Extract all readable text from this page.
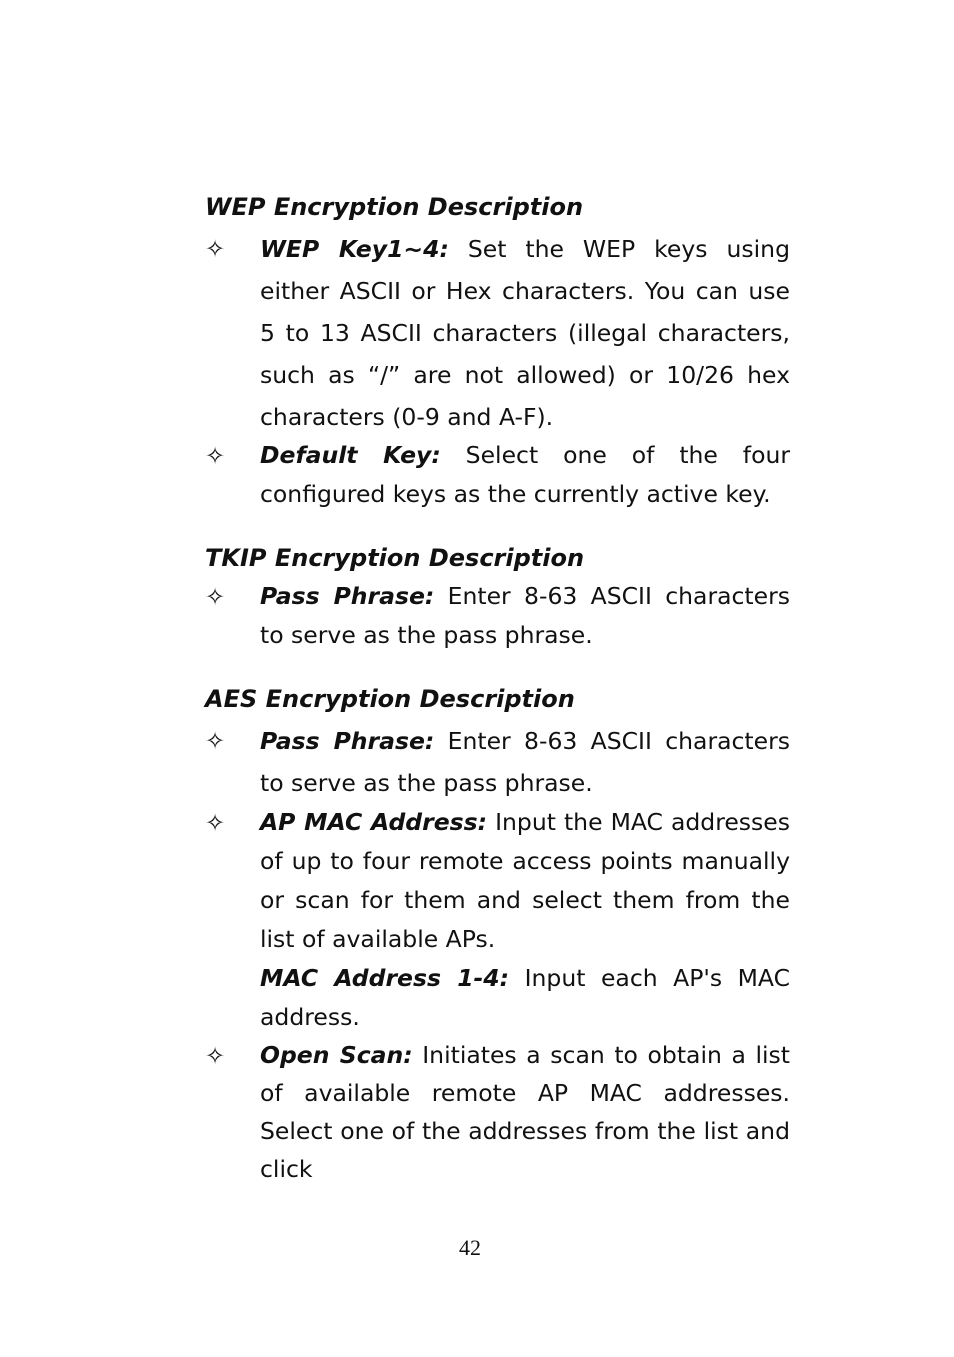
WEP Encryption Description
✧ WEP Key1~4: Set the WEP keys using either ASCII or Hex characters. You can use 5 to 13 ASCII characters (illegal characters, such as “/” are not allowed) or 10/26 hex characters (0-9 and A-F).

✧ Default Key: Select one of the four configured keys as the currently active key.

TKIP Encryption Description
✧ Pass Phrase: Enter 8-63 ASCII characters to serve as the pass phrase.

AES Encryption Description
✧ Pass Phrase: Enter 8-63 ASCII characters to serve as the pass phrase.

✧ AP MAC Address: Input the MAC addresses of up to four remote access points manually or scan for them and select them from the list of available APs.

MAC Address 1-4: Input each AP's MAC address.

✧ Open Scan: Initiates a scan to obtain a list of available remote AP MAC addresses. Select one of the addresses from the list and click

42
